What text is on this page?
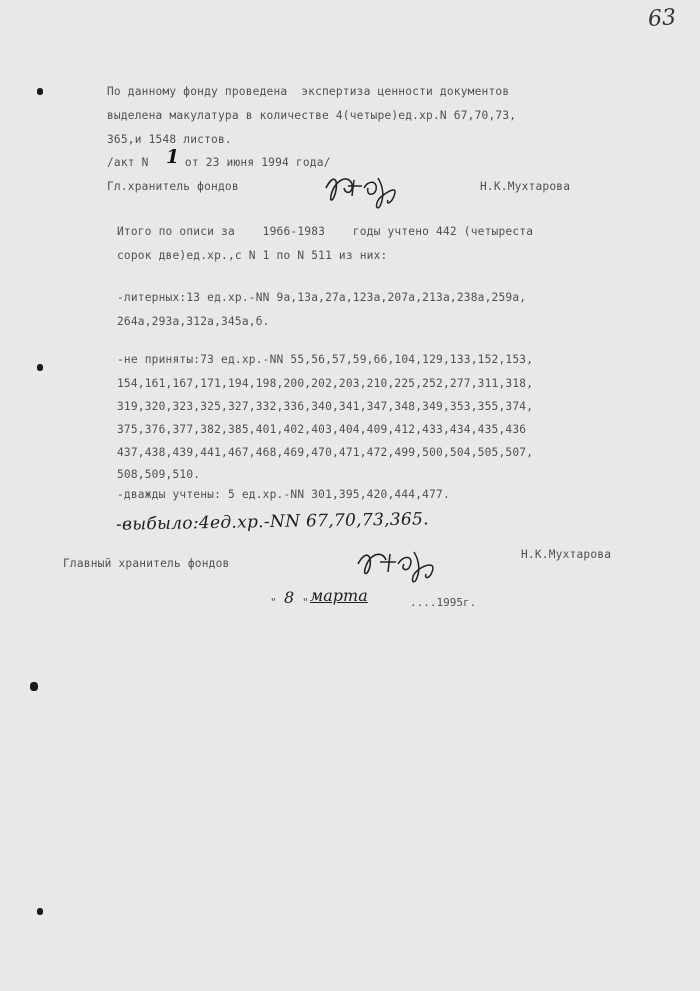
63
По данному фонду проведена  экспертиза ценности документов
выделена макулатура в количестве 4(четыре)ед.хр.N 67,70,73,
365,и 1548 листов.
/акт N 1
от 23 июня 1994 года/
Гл.хранитель фондов	Н.К.Мухтарова
Итого по описи за    1966-1983    годы учтено 442 (четыреста
сорок две)ед.хр.,с N 1 по N 511 из них:
-литерных:13 ед.хр.-NN 9а,13а,27а,123а,207а,213а,238а,259а,
264а,293а,312а,345а,б.
-не приняты:73 ед.хр.-NN 55,56,57,59,66,104,129,133,152,153,
154,161,167,171,194,198,200,202,203,210,225,252,277,311,318,
319,320,323,325,327,332,336,340,341,347,348,349,353,355,374,
375,376,377,382,385,401,402,403,404,409,412,433,434,435,436
437,438,439,441,467,468,469,470,471,472,499,500,504,505,507,
508,509,510.
-дважды учтены: 5 ед.хр.-NN 301,395,420,444,477.
-выбыло:4ед.хр.-NN 67,70,73,365.
Главный хранитель фондов
Н.К.Мухтарова
" 8 " марта	....1995г.
